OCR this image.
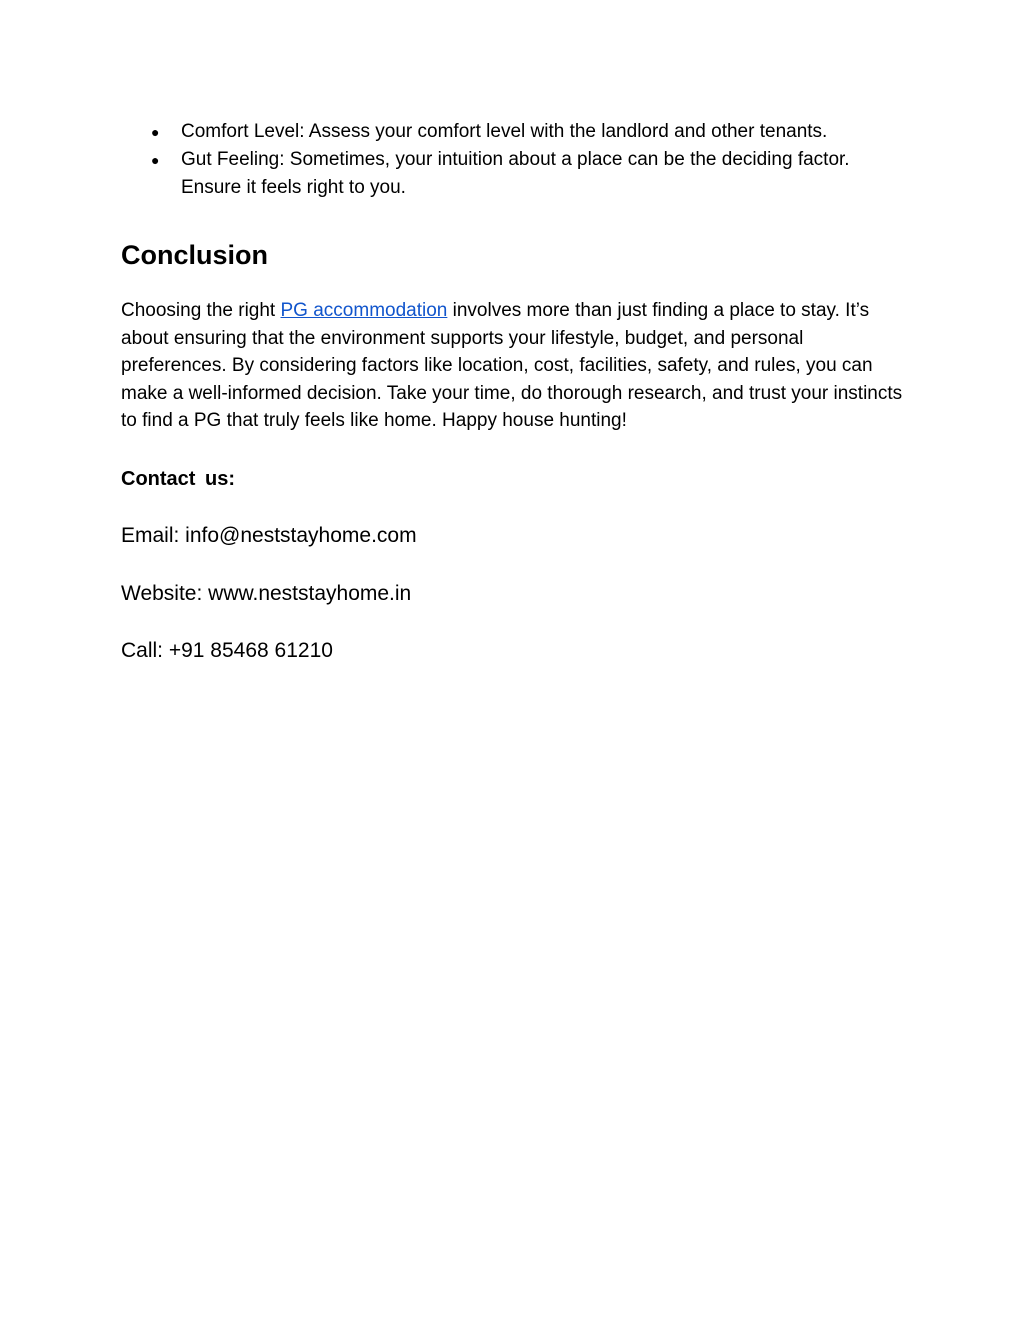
● Comfort Level: Assess your comfort level with the landlord and other tenants.
● Gut Feeling: Sometimes, your intuition about a place can be the deciding factor. Ensure it feels right to you.
Conclusion

Choosing the right PG accommodation involves more than just finding a place to stay. It’s about ensuring that the environment supports your lifestyle, budget, and personal preferences. By considering factors like location, cost, facilities, safety, and rules, you can make a well-informed decision. Take your time, do thorough research, and trust your instincts to find a PG that truly feels like home. Happy house hunting!

Contact us:

Email: info@neststayhome.com

Website: www.neststayhome.in

Call: +91 85468 61210
